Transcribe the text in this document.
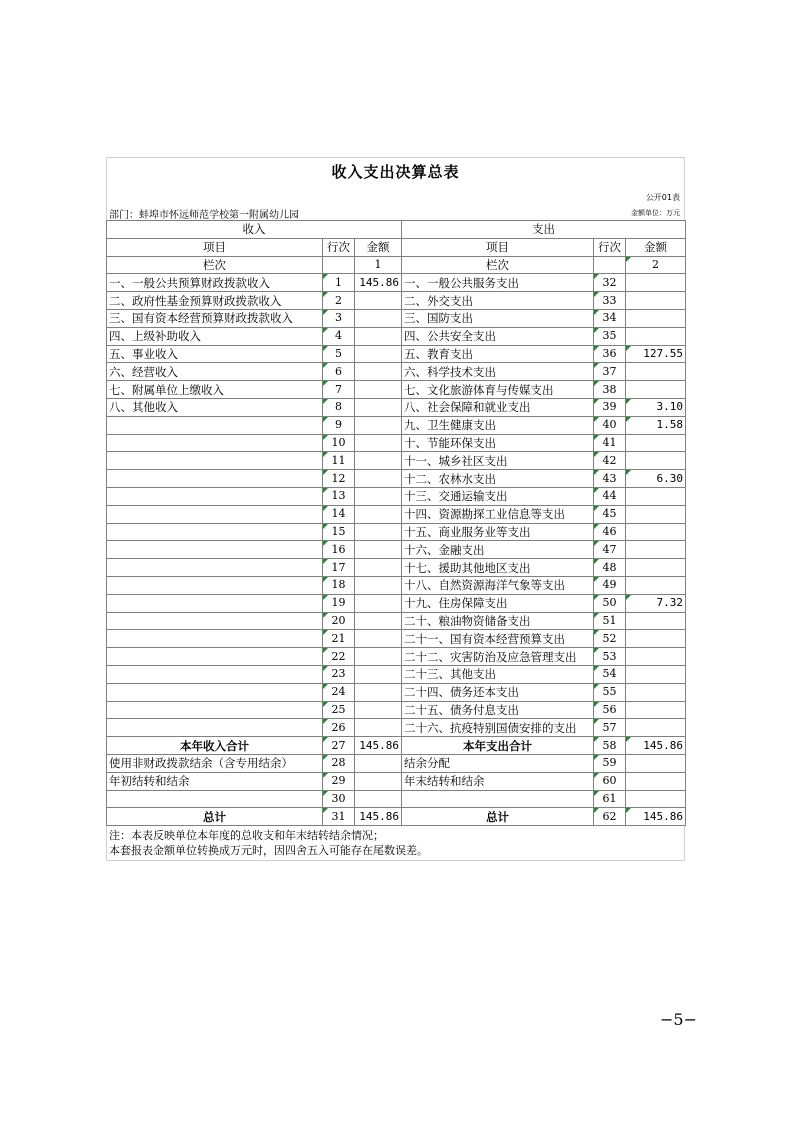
收入支出决算总表
公开01表
部门：蚌埠市怀远师范学校第一附属幼儿园	金额单位：万元
收入			支出		
项目	行次	金额	项目	行次	金额
栏次		1	栏次		2
一、一般公共预算财政拨款收入	1	145.86	一、一般公共服务支出	32	
二、政府性基金预算财政拨款收入	2		二、外交支出	33	
三、国有资本经营预算财政拨款收入	3		三、国防支出	34	
四、上级补助收入	4		四、公共安全支出	35	
五、事业收入	5		五、教育支出	36	127.55
六、经营收入	6		六、科学技术支出	37	
七、附属单位上缴收入	7		七、文化旅游体育与传媒支出	38	
八、其他收入	8		八、社会保障和就业支出	39	3.10
	9		九、卫生健康支出	40	1.58
	10		十、节能环保支出	41	
	11		十一、城乡社区支出	42	
	12		十二、农林水支出	43	6.30
	13		十三、交通运输支出	44	
	14		十四、资源勘探工业信息等支出	45	
	15		十五、商业服务业等支出	46	
	16		十六、金融支出	47	
	17		十七、援助其他地区支出	48	
	18		十八、自然资源海洋气象等支出	49	
	19		十九、住房保障支出	50	7.32
	20		二十、粮油物资储备支出	51	
	21		二十一、国有资本经营预算支出	52	
	22		二十二、灾害防治及应急管理支出	53	
	23		二十三、其他支出	54	
	24		二十四、债务还本支出	55	
	25		二十五、债务付息支出	56	
	26		二十六、抗疫特别国债安排的支出	57	
本年收入合计	27	145.86	本年支出合计	58	145.86
使用非财政拨款结余（含专用结余）	28		结余分配	59	
年初结转和结余	29		年末结转和结余	60	
	30			61	
总计	31	145.86	总计	62	145.86
注：本表反映单位本年度的总收支和年末结转结余情况；
本套报表金额单位转换成万元时，因四舍五入可能存在尾数误差。
−5−
